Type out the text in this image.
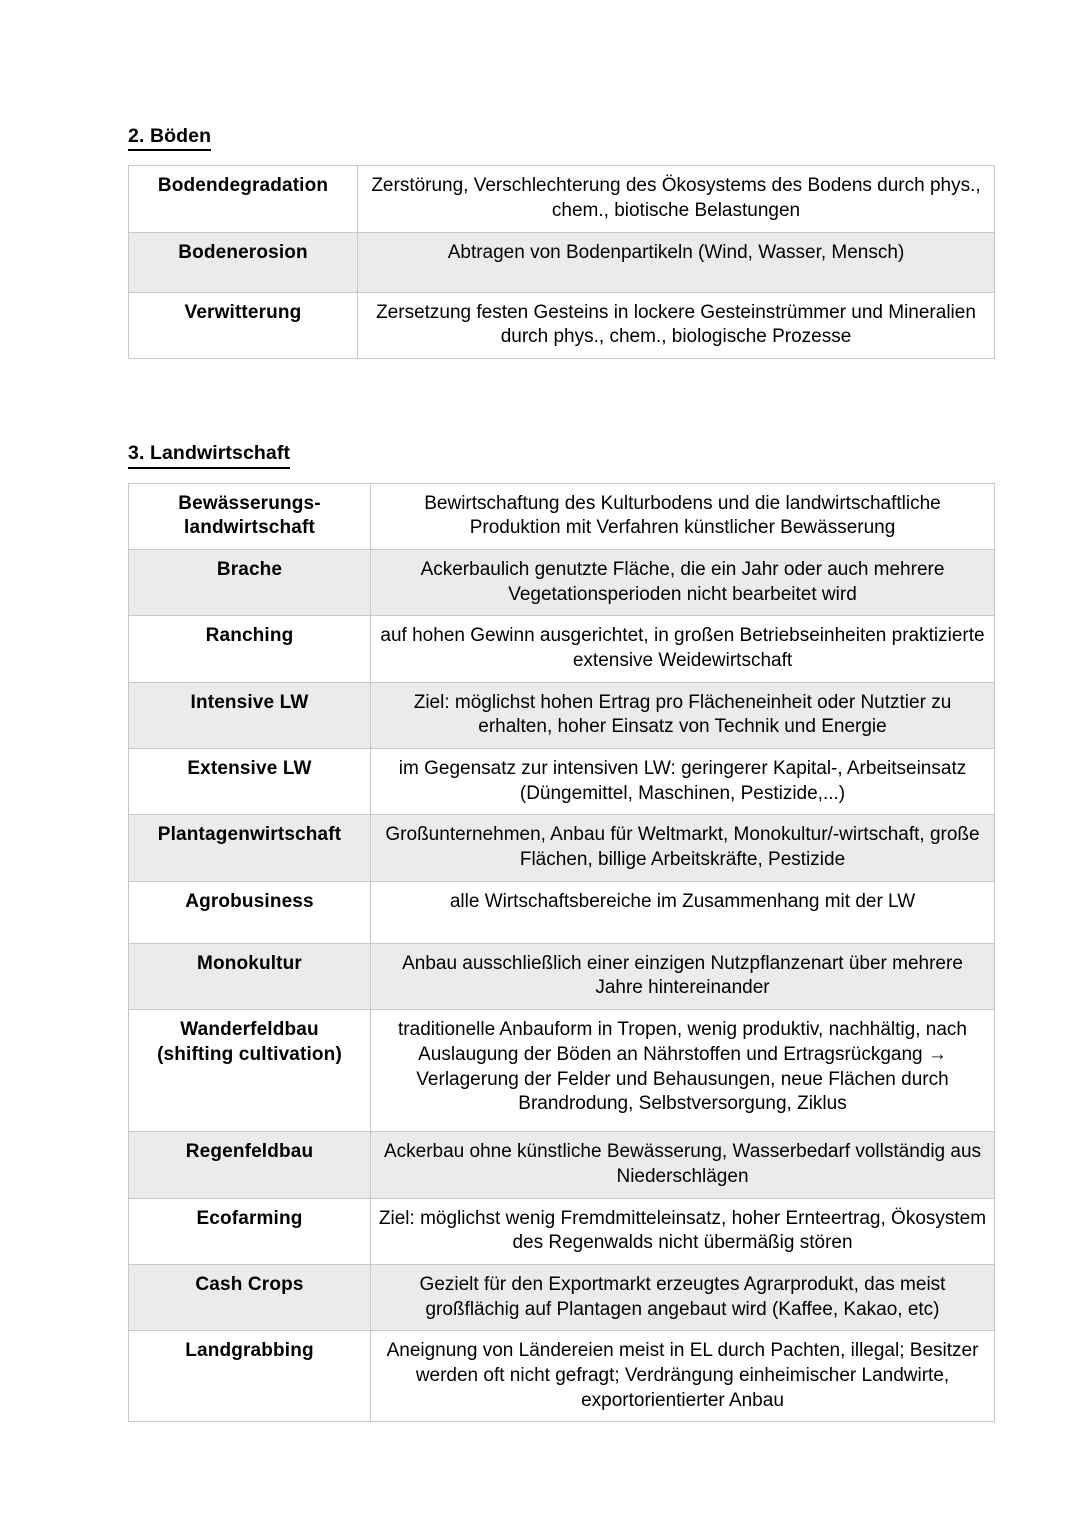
2. Böden
Bodendegradation	Zerstörung, Verschlechterung des Ökosystems des Bodens durch phys., chem., biotische Belastungen

Bodenerosion	Abtragen von Bodenpartikeln (Wind, Wasser, Mensch)

Verwitterung	Zersetzung festen Gesteins in lockere Gesteinstrümmer und Mineralien durch phys., chem., biologische Prozesse
3. Landwirtschaft
Bewässerungs-
landwirtschaft	Bewirtschaftung des Kulturbodens und die landwirtschaftliche Produktion mit Verfahren künstlicher Bewässerung

Brache	Ackerbaulich genutzte Fläche, die ein Jahr oder auch mehrere Vegetationsperioden nicht bearbeitet wird

Ranching	auf hohen Gewinn ausgerichtet, in großen Betriebseinheiten praktizierte extensive Weidewirtschaft

Intensive LW	Ziel: möglichst hohen Ertrag pro Flächeneinheit oder Nutztier zu erhalten, hoher Einsatz von Technik und Energie

Extensive LW	im Gegensatz zur intensiven LW: geringerer Kapital-, Arbeitseinsatz (Düngemittel, Maschinen, Pestizide,...)

Plantagenwirtschaft	Großunternehmen, Anbau für Weltmarkt, Monokultur/-wirtschaft, große Flächen, billige Arbeitskräfte, Pestizide

Agrobusiness	alle Wirtschaftsbereiche im Zusammenhang mit der LW

Monokultur	Anbau ausschließlich einer einzigen Nutzpflanzenart über mehrere Jahre hintereinander

Wanderfeldbau
(shifting cultivation)	traditionelle Anbauform in Tropen, wenig produktiv, nachhältig, nach Auslaugung der Böden an Nährstoffen und Ertragsrückgang → Verlagerung der Felder und Behausungen, neue Flächen durch Brandrodung, Selbstversorgung, Ziklus

Regenfeldbau	Ackerbau ohne künstliche Bewässerung, Wasserbedarf vollständig aus Niederschlägen

Ecofarming	Ziel: möglichst wenig Fremdmitteleinsatz, hoher Ernteertrag, Ökosystem des Regenwalds nicht übermäßig stören

Cash Crops	Gezielt für den Exportmarkt erzeugtes Agrarprodukt, das meist großflächig auf Plantagen angebaut wird (Kaffee, Kakao, etc)

Landgrabbing	Aneignung von Ländereien meist in EL durch Pachten, illegal; Besitzer werden oft nicht gefragt; Verdrängung einheimischer Landwirte, exportorientierter Anbau
